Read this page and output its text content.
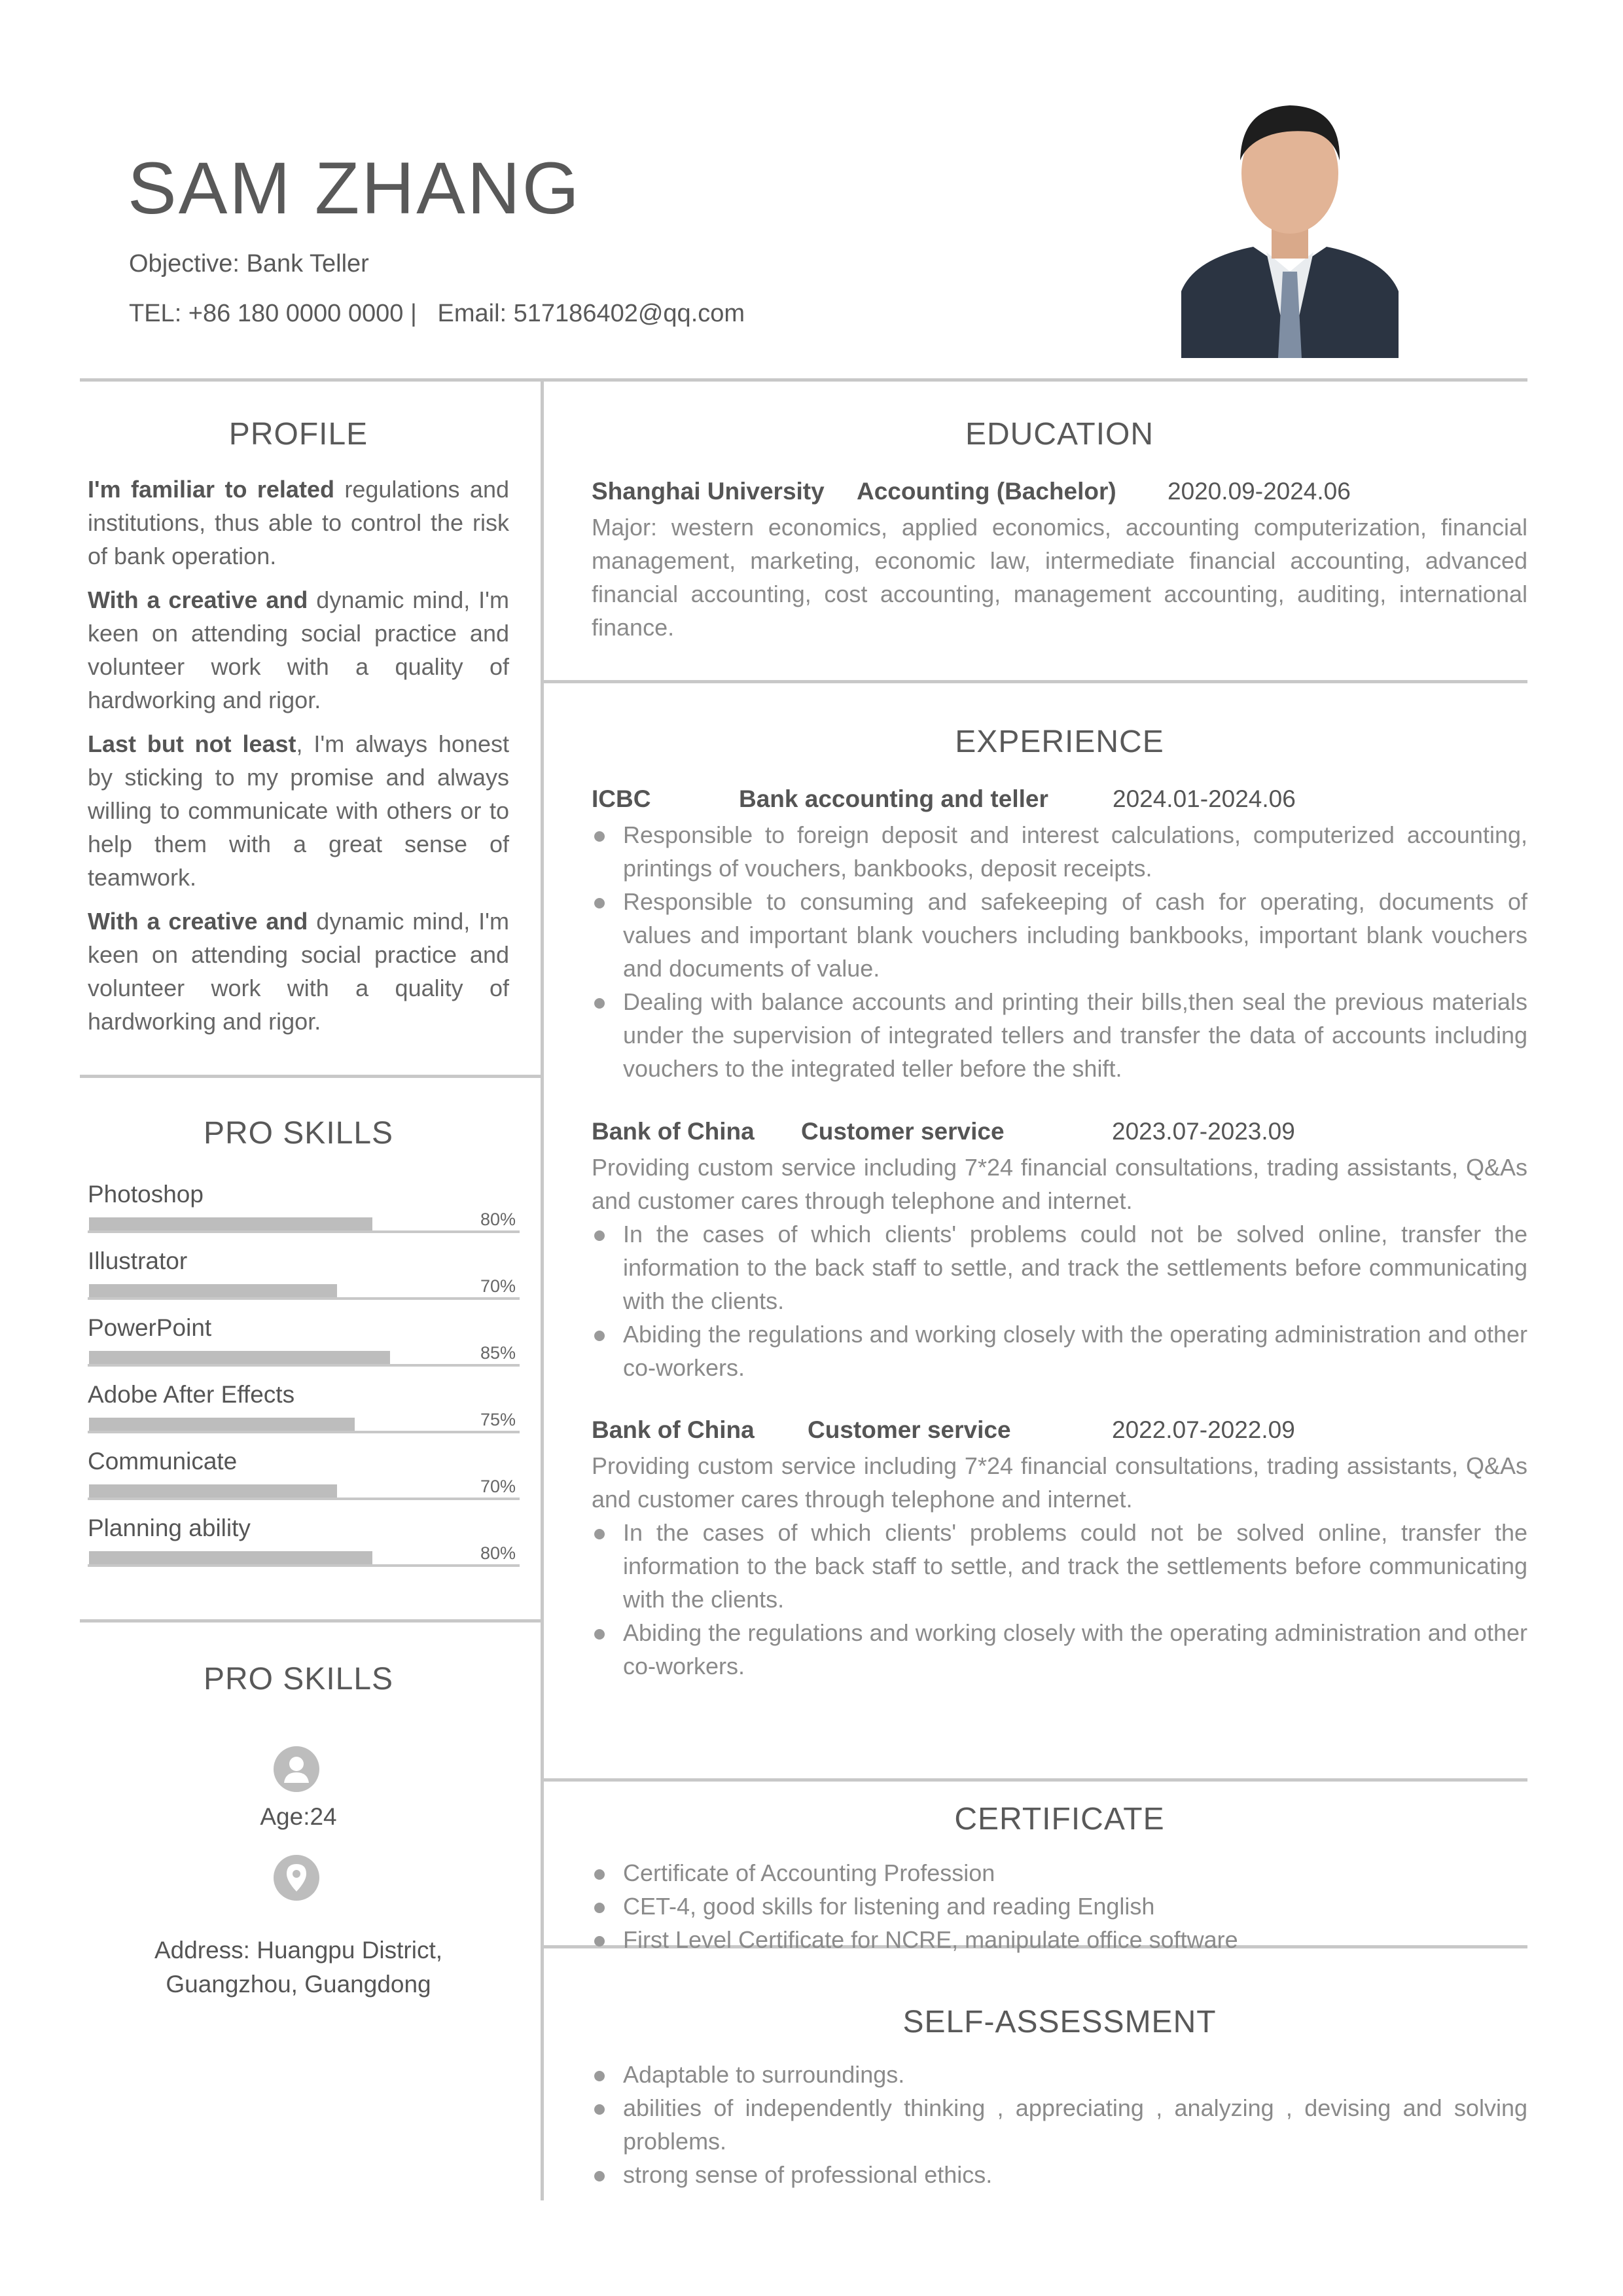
SAM ZHANG
Objective: Bank Teller
TEL: +86 180 0000 0000 |   Email: 517186402@qq.com
PROFILE

I'm familiar to related regulations and institutions, thus able to control the risk of bank operation.

With a creative and dynamic mind, I'm keen on attending social practice and volunteer work with a quality of hardworking and rigor.

Last but not least, I'm always honest by sticking to my promise and always willing to communicate with others or to help them with a great sense of teamwork.

With a creative and dynamic mind, I'm keen on attending social practice and volunteer work with a quality of hardworking and rigor.

PRO SKILLS
Photoshop
80%
Illustrator
70%
PowerPoint
85%
Adobe After Effects
75%
Communicate
70%
Planning ability
80%
PRO SKILLS
Age:24
Address: Huangpu District,
Guangzhou, Guangdong
EDUCATION
Shanghai University Accounting (Bachelor) 2020.09-2024.06

Major: western economics, applied economics, accounting computerization, financial management, marketing, economic law, intermediate financial accounting, advanced financial accounting, cost accounting, management accounting, auditing, international finance.

EXPERIENCE
ICBC	Bank accounting and teller	2024.01-2024.06
Responsible to foreign deposit and interest calculations, computerized accounting, printings of vouchers, bankbooks, deposit receipts.
Responsible to consuming and safekeeping of cash for operating, documents of values and important blank vouchers including bankbooks, important blank vouchers and documents of value.
Dealing with balance accounts and printing their bills,then seal the previous materials under the supervision of integrated tellers and transfer the data of accounts including vouchers to the integrated teller before the shift.
Bank of China Customer service	2023.07-2023.09

Providing custom service including 7*24 financial consultations, trading assistants, Q&As and customer cares through telephone and internet.

In the cases of which clients' problems could not be solved online, transfer the information to the back staff to settle, and track the settlements before communicating with the clients.
Abiding the regulations and working closely with the operating administration and other co-workers.
Bank of China Customer service	2022.07-2022.09

Providing custom service including 7*24 financial consultations, trading assistants, Q&As and customer cares through telephone and internet.

In the cases of which clients' problems could not be solved online, transfer the information to the back staff to settle, and track the settlements before communicating with the clients.
Abiding the regulations and working closely with the operating administration and other co-workers.
CERTIFICATE
Certificate of Accounting Profession
CET-4, good skills for listening and reading English
First Level Certificate for NCRE, manipulate office software
SELF-ASSESSMENT
Adaptable to surroundings.
abilities of independently thinking , appreciating , analyzing , devising and solving problems.
strong sense of professional ethics.
